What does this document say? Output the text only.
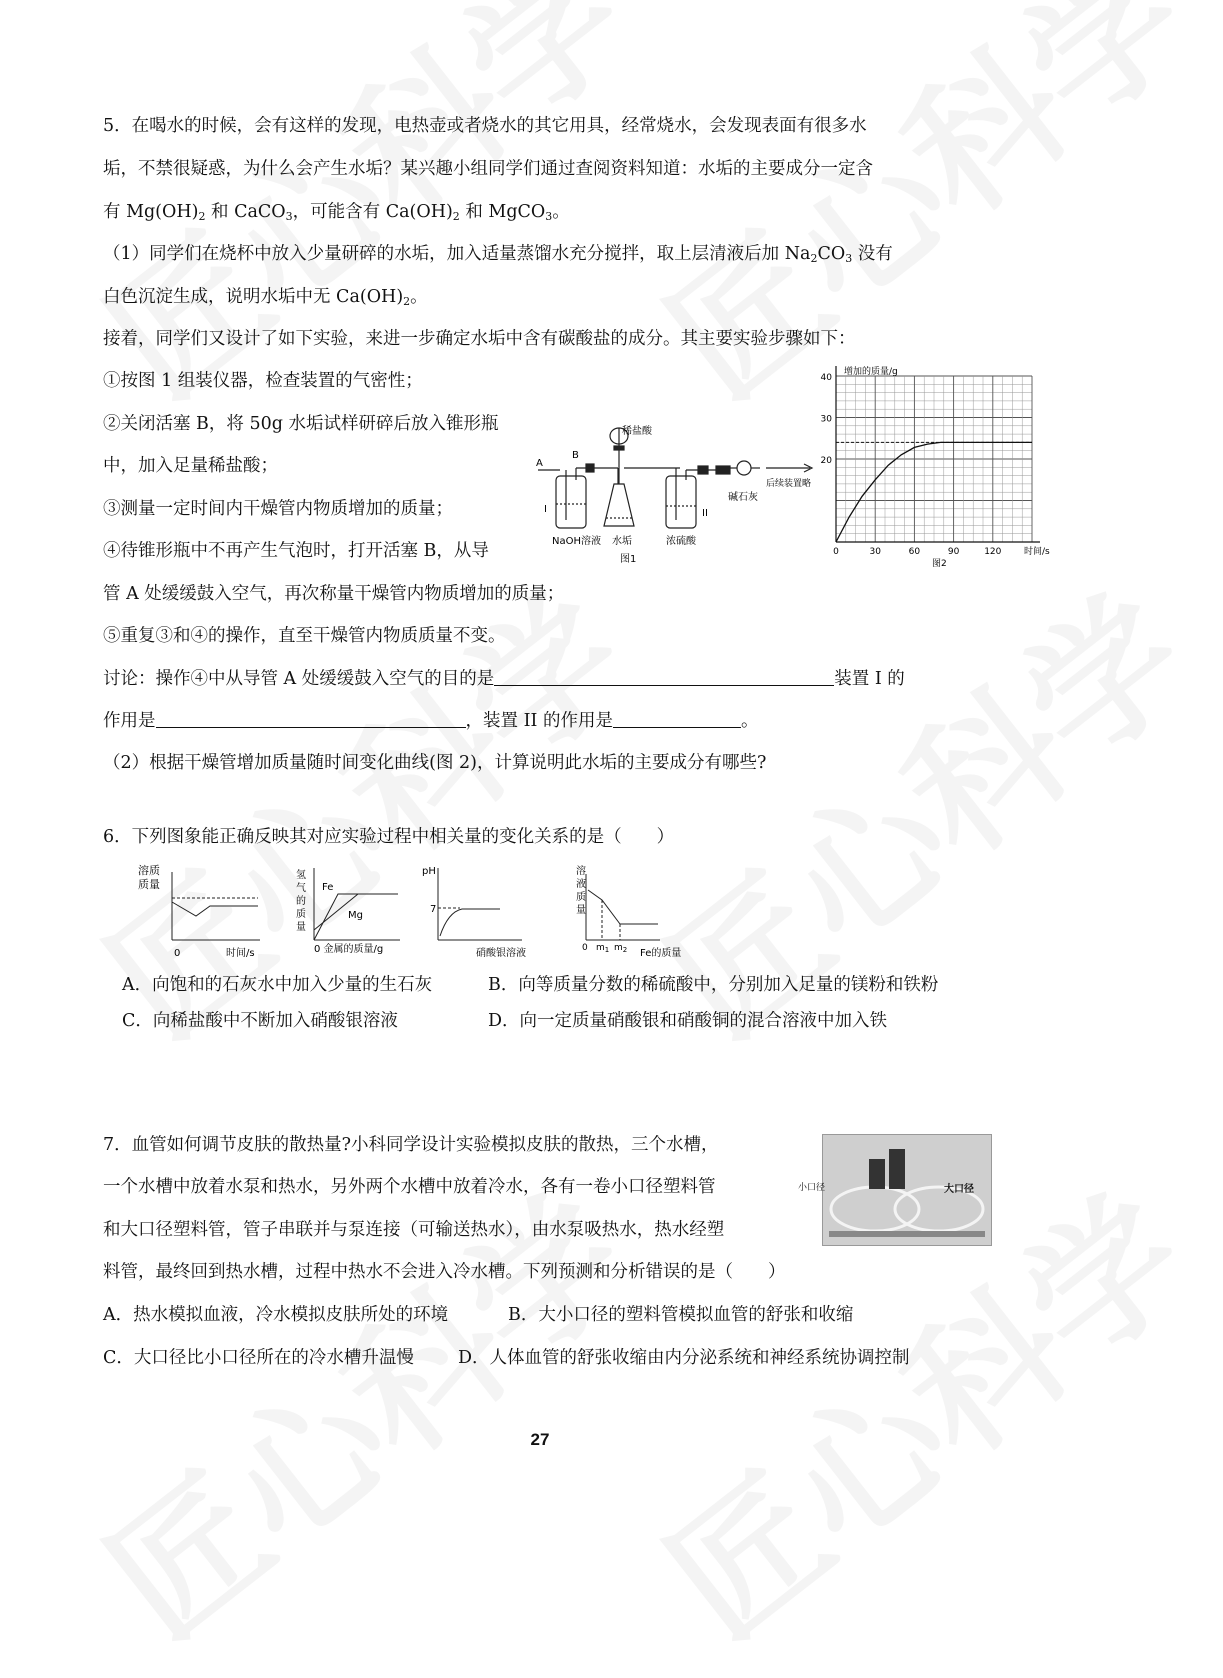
5．在喝水的时候，会有这样的发现，电热壶或者烧水的其它用具，经常烧水，会发现表面有很多水
垢，不禁很疑惑，为什么会产生水垢？某兴趣小组同学们通过查阅资料知道：水垢的主要成分一定含
有 $Mg(OH)_2$ 和 CaCO$_3$，可能含有 $Ca(OH)_2$ 和 MgCO$_3$。
（1）同学们在烧杯中放入少量研碎的水垢，加入适量蒸馏水充分搅拌，取上层清液后加 $Na_2CO_3$ 没有
白色沉淀生成，说明水垢中无 $Ca(OH)_2$。
接着，同学们又设计了如下实验，来进一步确定水垢中含有碳酸盐的成分。其主要实验步骤如下：
①按图 1 组装仪器，检查装置的气密性；
②关闭活塞 B，将 50g 水垢试样研碎后放入锥形瓶
中，加入足量稀盐酸；
③测量一定时间内干燥管内物质增加的质量；
④待锥形瓶中不再产生气泡时，打开活塞 B，从导
管 A 处缓缓鼓入空气，再次称量干燥管内物质增加的质量；
⑤重复③和④的操作，直至干燥管内物质质量不变。
讨论：操作④中从导管 A 处缓缓鼓入空气的目的是	装置 I 的
作用是	，装置 II 的作用是	。
（2）根据干燥管增加质量随时间变化曲线(图 2)，计算说明此水垢的主要成分有哪些?
稀盐酸
A
B
I	II
NaOH溶液 水垢	浓硫酸
碱石灰
后续装置略
图1
20
30
40
0	30	60	90	120
增加的质量/g
时间/s
图2
6．下列图象能正确反映其对应实验过程中相关量的变化关系的是（　　）
溶质
质量
0	时间/s
氢
气
的
质
量
Fe
Mg
0 金属的质量/g
pH
7
硝酸银溶液
溶
液
质
量
0 $m_1$ $m_2$ Fe的质量
A．向饱和的石灰水中加入少量的生石灰	B．向等质量分数的稀硫酸中，分别加入足量的镁粉和铁粉
C．向稀盐酸中不断加入硝酸银溶液	D．向一定质量硝酸银和硝酸铜的混合溶液中加入铁
7．血管如何调节皮肤的散热量?小科同学设计实验模拟皮肤的散热，三个水槽，
一个水槽中放着水泵和热水，另外两个水槽中放着冷水，各有一卷小口径塑料管
和大口径塑料管，管子串联并与泵连接（可输送热水），由水泵吸热水，热水经塑
料管，最终回到热水槽，过程中热水不会进入冷水槽。下列预测和分析错误的是（　　）
小口径	大口径
A．热水模拟血液，冷水模拟皮肤所处的环境	B．大小口径的塑料管模拟血管的舒张和收缩
C．大口径比小口径所在的冷水槽升温慢	D．人体血管的舒张收缩由内分泌系统和神经系统协调控制
27
